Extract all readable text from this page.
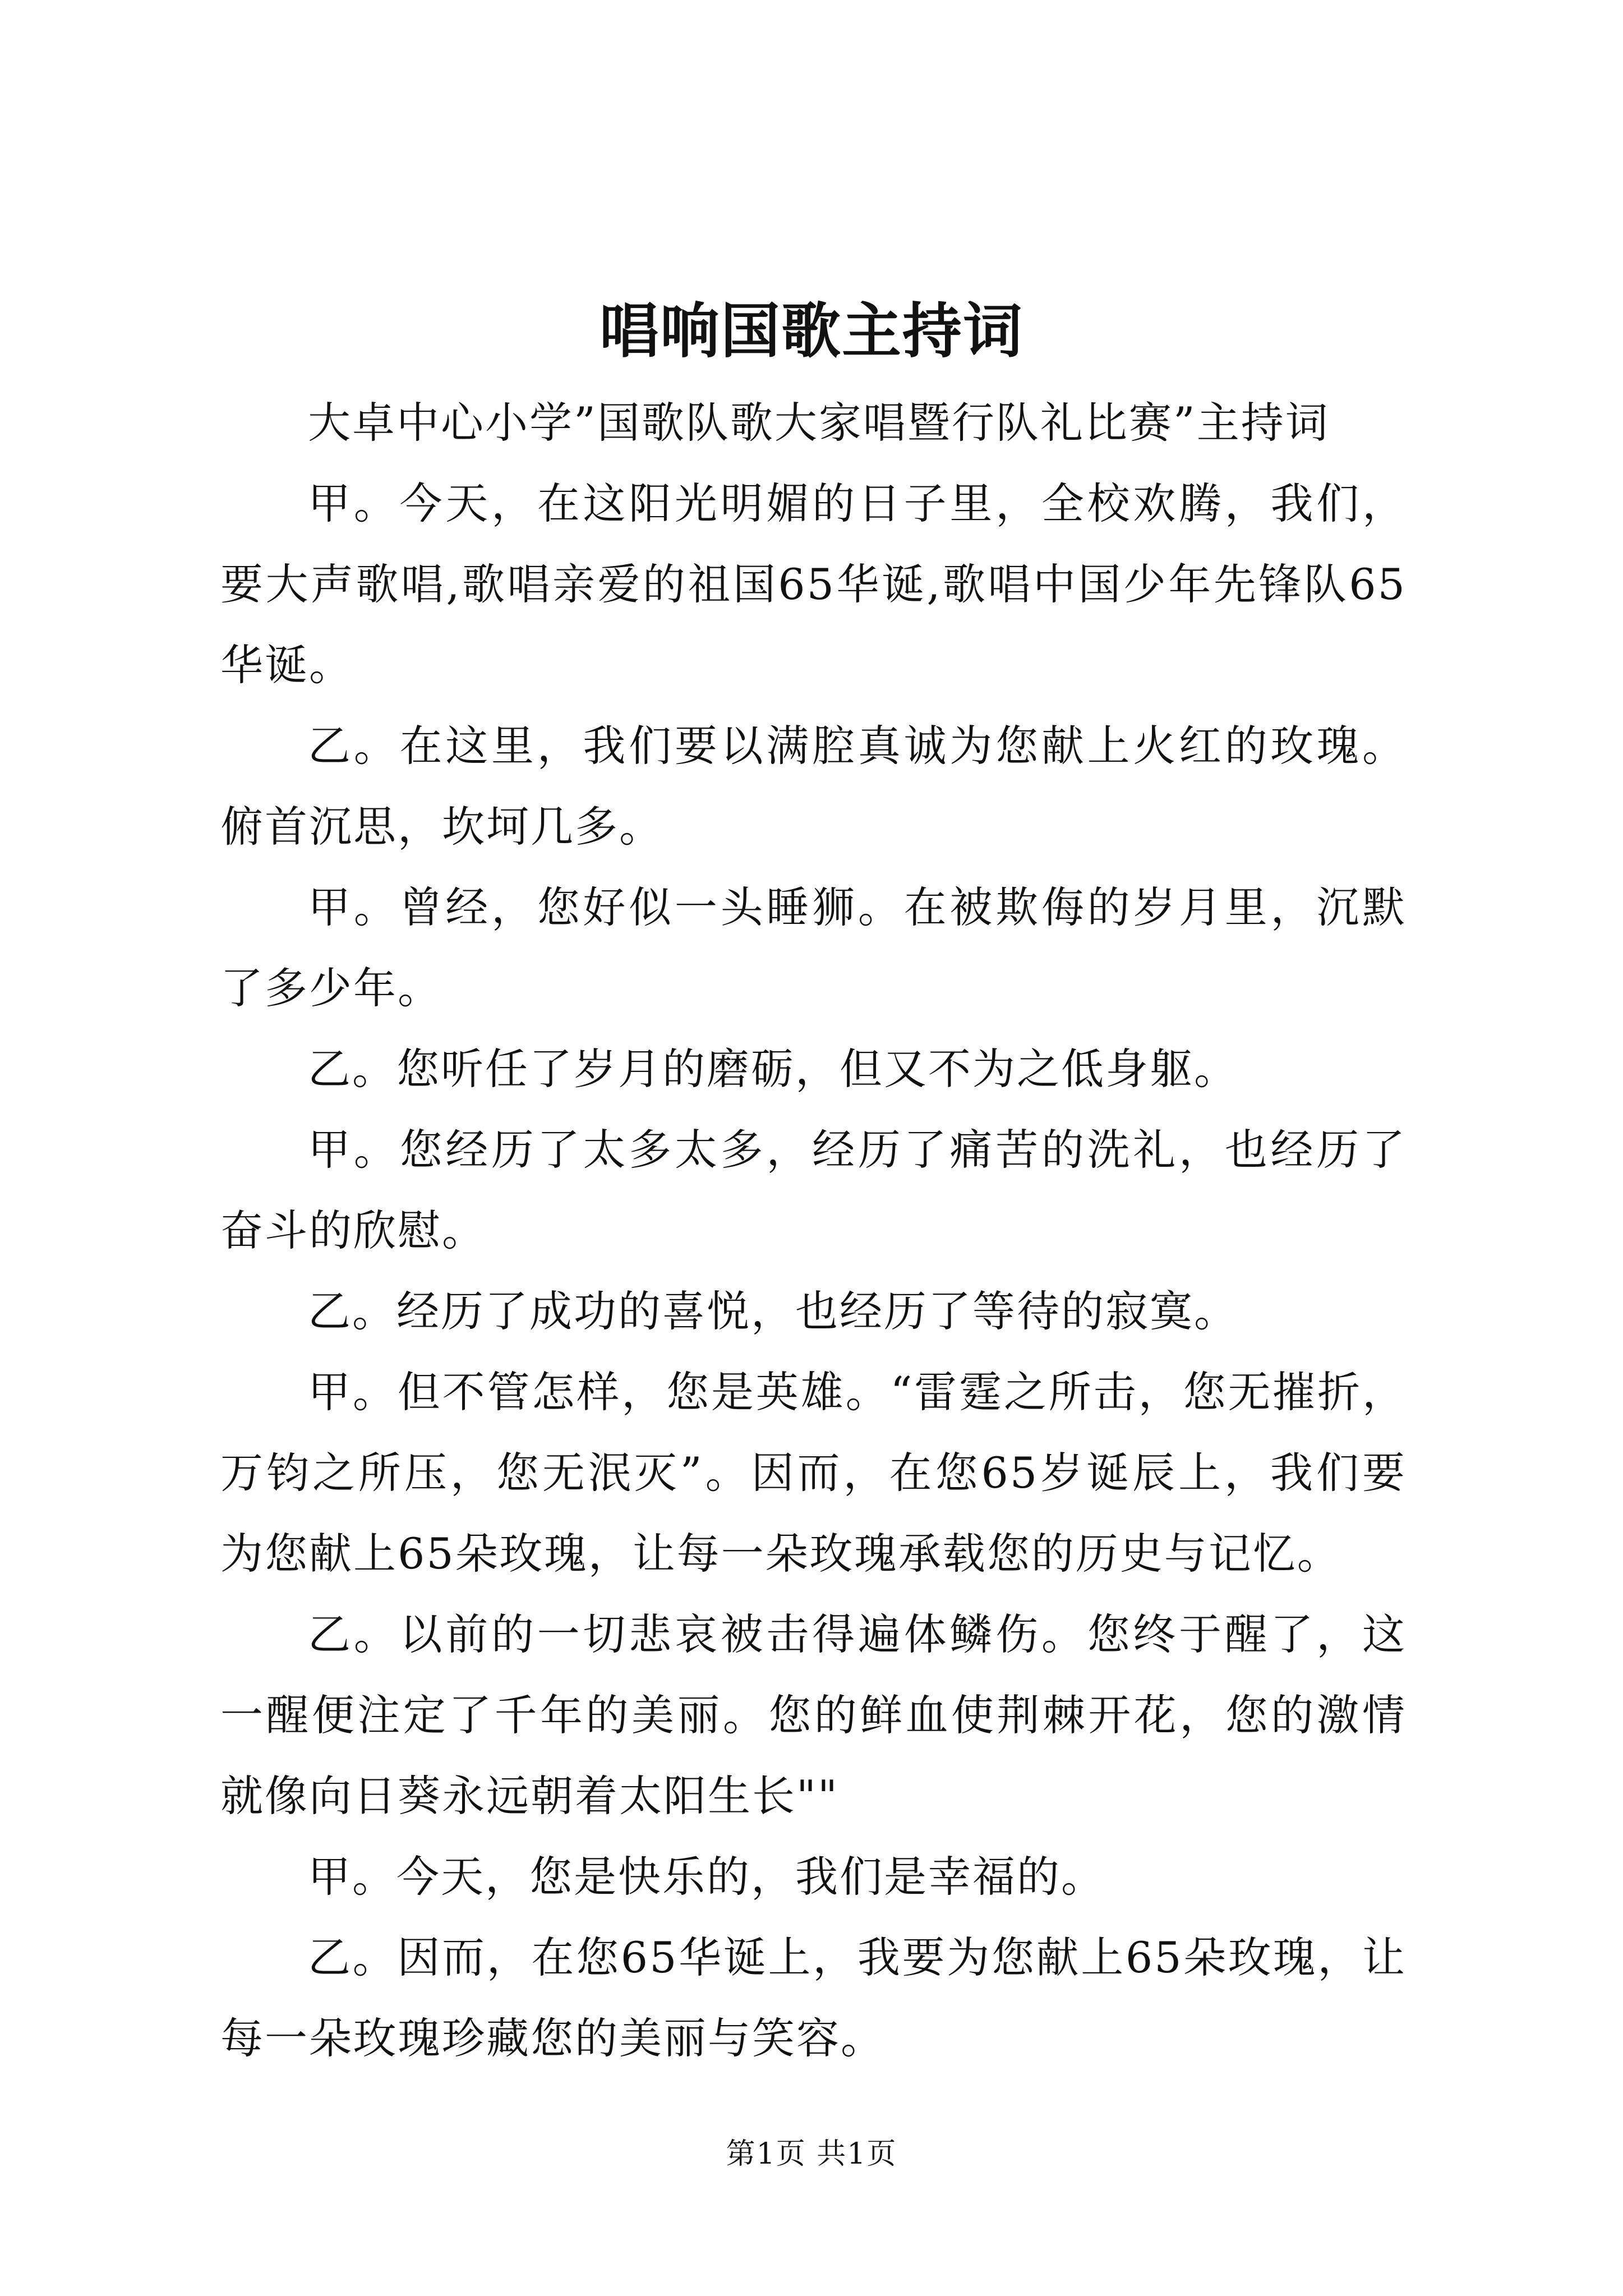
唱响国歌主持词

大卓中心小学”国歌队歌大家唱暨行队礼比赛”主持词

甲。今天，在这阳光明媚的日子里，全校欢腾，我们，要大声歌唱,歌唱亲爱的祖国65华诞,歌唱中国少年先锋队65华诞。

乙。在这里，我们要以满腔真诚为您献上火红的玫瑰。俯首沉思，坎坷几多。

甲。曾经，您好似一头睡狮。在被欺侮的岁月里，沉默了多少年。

乙。您听任了岁月的磨砺，但又不为之低身躯。

甲。您经历了太多太多，经历了痛苦的洗礼，也经历了奋斗的欣慰。

乙。经历了成功的喜悦，也经历了等待的寂寞。

甲。但不管怎样，您是英雄。“雷霆之所击，您无摧折，万钧之所压，您无泯灭”。因而，在您65岁诞辰上，我们要为您献上65朵玫瑰，让每一朵玫瑰承载您的历史与记忆。

乙。以前的一切悲哀被击得遍体鳞伤。您终于醒了，这一醒便注定了千年的美丽。您的鲜血使荆棘开花，您的激情就像向日葵永远朝着太阳生长""

甲。今天，您是快乐的，我们是幸福的。

乙。因而，在您65华诞上，我要为您献上65朵玫瑰，让每一朵玫瑰珍藏您的美丽与笑容。

第1页 共1页
